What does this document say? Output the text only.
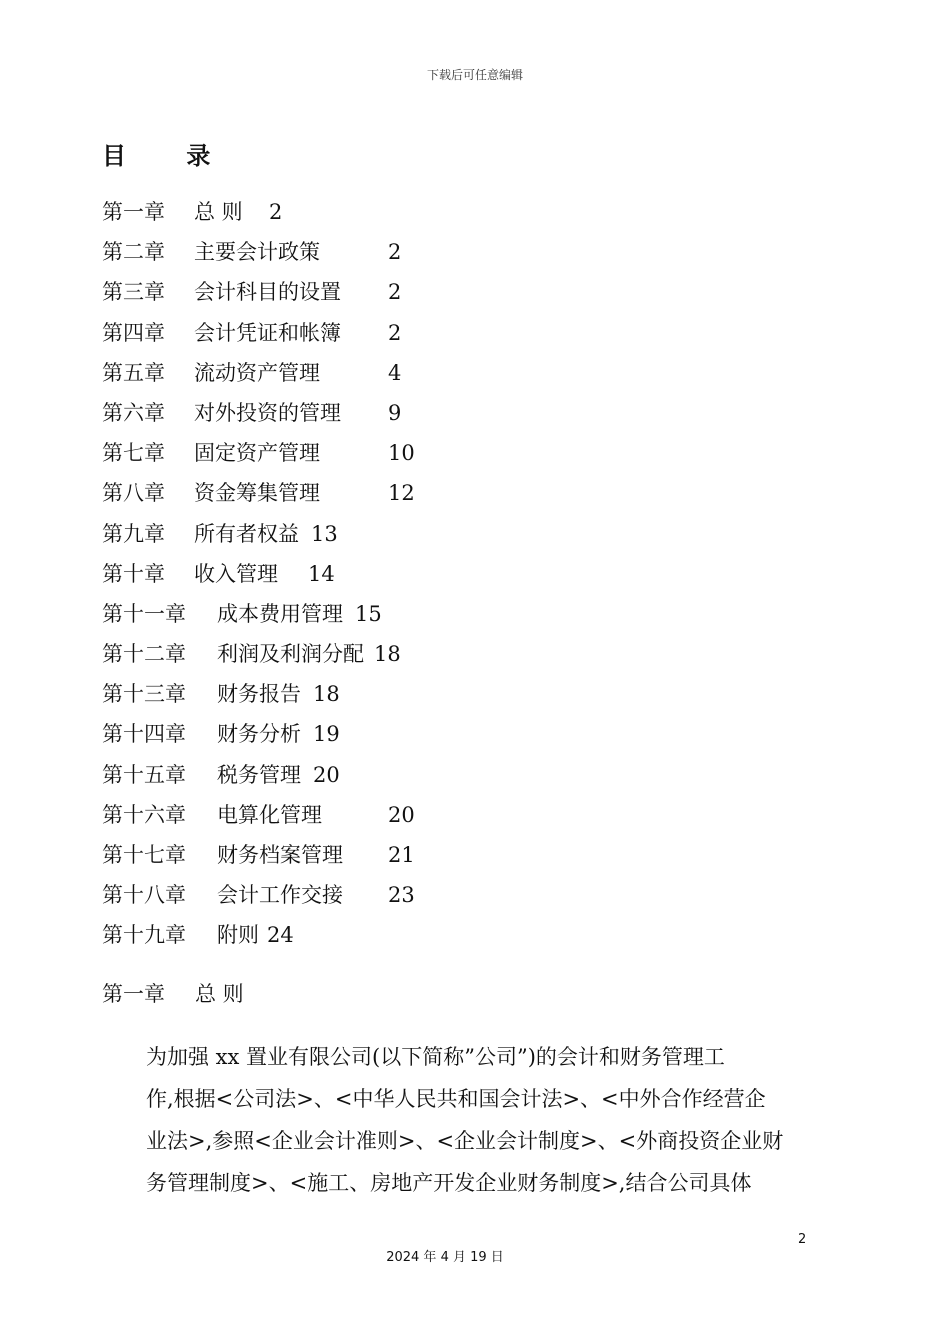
下载后可任意编辑
目 录
第一章 总 则 2
第二章 主要会计政策	2
第三章 会计科目的设置 2
第四章 会计凭证和帐簿 2
第五章 流动资产管理	4
第六章 对外投资的管理 9
第七章 固定资产管理	10
第八章 资金筹集管理	12
第九章 所有者权益 13
第十章 收入管理 14
第十一章 成本费用管理 15
第十二章 利润及利润分配 18
第十三章 财务报告 18
第十四章 财务分析 19
第十五章 税务管理 20
第十六章 电算化管理	20
第十七章 财务档案管理 21
第十八章 会计工作交接 23
第十九章 附则 24
第一章 总 则
为加强 xx 置业有限公司(以下简称”公司”)的会计和财务管理工
作,根据<公司法>、<中华人民共和国会计法>、<中外合作经营企
业法>,参照<企业会计准则>、<企业会计制度>、<外商投资企业财
务管理制度>、<施工、房地产开发企业财务制度>,结合公司具体
2
2024 年 4 月 19 日
